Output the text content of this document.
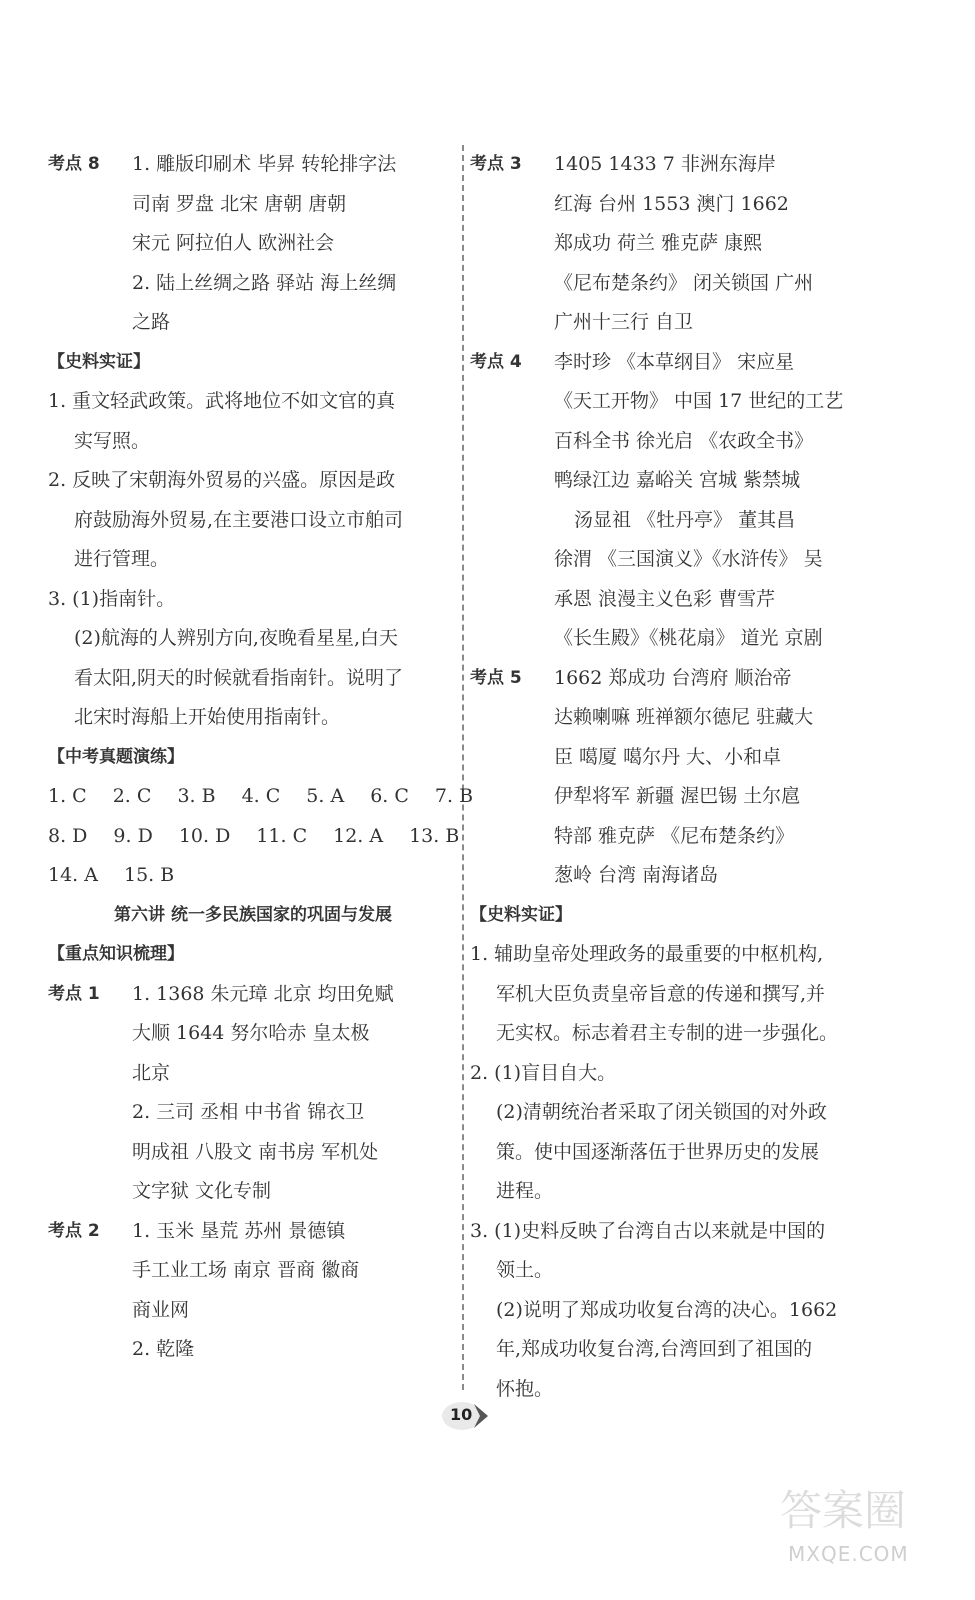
考点 8 1. 雕版印刷术 毕昇 转轮排字法
司南 罗盘 北宋 唐朝 唐朝
宋元 阿拉伯人 欧洲社会
2. 陆上丝绸之路 驿站 海上丝绸
之路
【史料实证】
1. 重文轻武政策。武将地位不如文官的真
实写照。
2. 反映了宋朝海外贸易的兴盛。原因是政
府鼓励海外贸易,在主要港口设立市舶司
进行管理。
3. (1)指南针。
(2)航海的人辨别方向,夜晚看星星,白天
看太阳,阴天的时候就看指南针。说明了
北宋时海船上开始使用指南针。
【中考真题演练】
1. C 2. C 3. B 4. C 5. A 6. C 7. B
8. D 9. D 10. D 11. C 12. A 13. B
14. A 15. B
第六讲 统一多民族国家的巩固与发展
【重点知识梳理】
考点 1 1. 1368 朱元璋 北京 均田免赋
大顺 1644 努尔哈赤 皇太极
北京
2. 三司 丞相 中书省 锦衣卫
明成祖 八股文 南书房 军机处
文字狱 文化专制
考点 2 1. 玉米 垦荒 苏州 景德镇
手工业工场 南京 晋商 徽商
商业网
2. 乾隆
考点 3 1405 1433 7 非洲东海岸
红海 台州 1553 澳门 1662
郑成功 荷兰 雅克萨 康熙
《尼布楚条约》 闭关锁国 广州
广州十三行 自卫
考点 4 李时珍 《本草纲目》 宋应星
《天工开物》 中国 17 世纪的工艺
百科全书 徐光启 《农政全书》
鸭绿江边 嘉峪关 宫城 紫禁城
汤显祖 《牡丹亭》 董其昌
徐渭 《三国演义》《水浒传》 吴
承恩 浪漫主义色彩 曹雪芹
《长生殿》《桃花扇》 道光 京剧
考点 5 1662 郑成功 台湾府 顺治帝
达赖喇嘛 班禅额尔德尼 驻藏大
臣 噶厦 噶尔丹 大、小和卓
伊犁将军 新疆 渥巴锡 土尔扈
特部 雅克萨 《尼布楚条约》
葱岭 台湾 南海诸岛
【史料实证】
1. 辅助皇帝处理政务的最重要的中枢机构,
军机大臣负责皇帝旨意的传递和撰写,并
无实权。标志着君主专制的进一步强化。
2. (1)盲目自大。
(2)清朝统治者采取了闭关锁国的对外政
策。使中国逐渐落伍于世界历史的发展
进程。
3. (1)史料反映了台湾自古以来就是中国的
领土。
(2)说明了郑成功收复台湾的决心。1662
年,郑成功收复台湾,台湾回到了祖国的
怀抱。
10
答案圈
MXQE.COM
